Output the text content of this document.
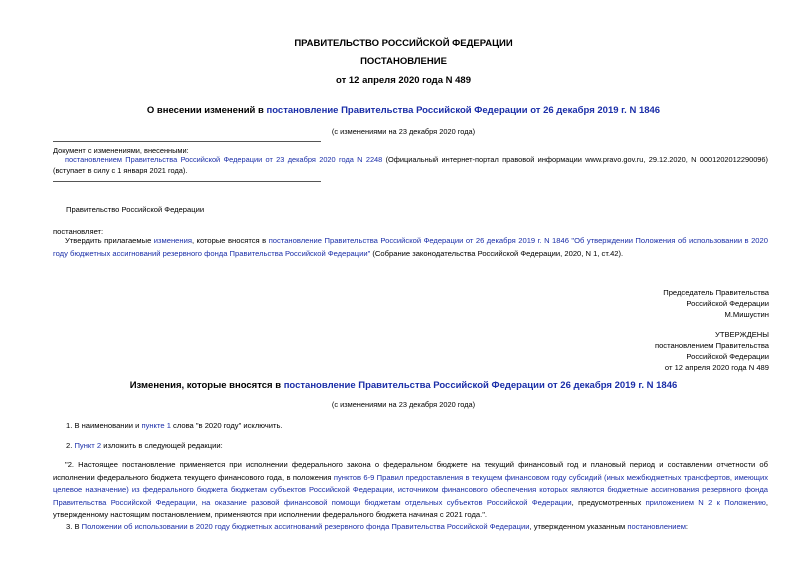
ПРАВИТЕЛЬСТВО РОССИЙСКОЙ ФЕДЕРАЦИИ
ПОСТАНОВЛЕНИЕ
от 12 апреля 2020 года N 489
О внесении изменений в постановление Правительства Российской Федерации от 26 декабря 2019 г. N 1846
(с изменениями на 23 декабря 2020 года)
Документ с изменениями, внесенными:
постановлением Правительства Российской Федерации от 23 декабря 2020 года N 2248 (Официальный интернет-портал правовой информации www.pravo.gov.ru, 29.12.2020, N 0001202012290096) (вступает в силу с 1 января 2021 года).
Правительство Российской Федерации
постановляет:
Утвердить прилагаемые изменения, которые вносятся в постановление Правительства Российской Федерации от 26 декабря 2019 г. N 1846 "Об утверждении Положения об использовании в 2020 году бюджетных ассигнований резервного фонда Правительства Российской Федерации" (Собрание законодательства Российской Федерации, 2020, N 1, ст.42).
Председатель Правительства
Российской Федерации
М.Мишустин
УТВЕРЖДЕНЫ
постановлением Правительства
Российской Федерации
от 12 апреля 2020 года N 489
Изменения, которые вносятся в постановление Правительства Российской Федерации от 26 декабря 2019 г. N 1846
(с изменениями на 23 декабря 2020 года)
1. В наименовании и пункте 1 слова "в 2020 году" исключить.
2. Пункт 2 изложить в следующей редакции:
"2. Настоящее постановление применяется при исполнении федерального закона о федеральном бюджете на текущий финансовый год и плановый период и составлении отчетности об исполнении федерального бюджета текущего финансового года, в положения пунктов 6-9 Правил предоставления в текущем финансовом году субсидий (иных межбюджетных трансфертов, имеющих целевое назначение) из федерального бюджета бюджетам субъектов Российской Федерации, источником финансового обеспечения которых являются бюджетные ассигнования резервного фонда Правительства Российской Федерации, на оказание разовой финансовой помощи бюджетам отдельных субъектов Российской Федерации, предусмотренных приложением N 2 к Положению, утвержденному настоящим постановлением, применяются при исполнении федерального бюджета начиная с 2021 года.".
3. В Положении об использовании в 2020 году бюджетных ассигнований резервного фонда Правительства Российской Федерации, утвержденном указанным постановлением:
